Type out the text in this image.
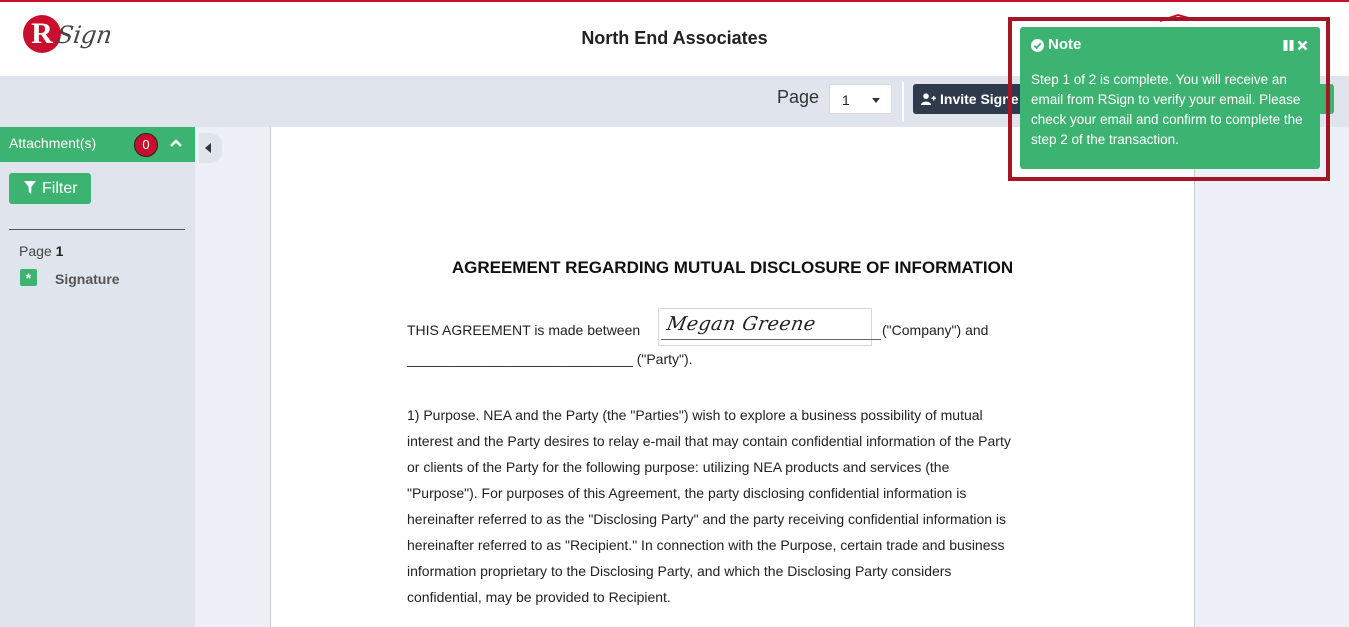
R Sign	North End Associates
Page 1	Invite Signe
Attachment(s)	0
Filter
Page 1
*	Signature
AGREEMENT REGARDING MUTUAL DISCLOSURE OF INFORMATION
THIS AGREEMENT is made between Megan Greene	("Company") and
_____________________________ ("Party").
1) Purpose. NEA and the Party (the "Parties") wish to explore a business possibility of mutual
interest and the Party desires to relay e-mail that may contain confidential information of the Party
or clients of the Party for the following purpose: utilizing NEA products and services (the
"Purpose"). For purposes of this Agreement, the party disclosing confidential information is
hereinafter referred to as the "Disclosing Party" and the party receiving confidential information is
hereinafter referred to as "Recipient." In connection with the Purpose, certain trade and business
information proprietary to the Disclosing Party, and which the Disclosing Party considers
confidential, may be provided to Recipient.
Note
Step 1 of 2 is complete. You will receive an email from RSign to verify your email. Please check your email and confirm to complete the step 2 of the transaction.
